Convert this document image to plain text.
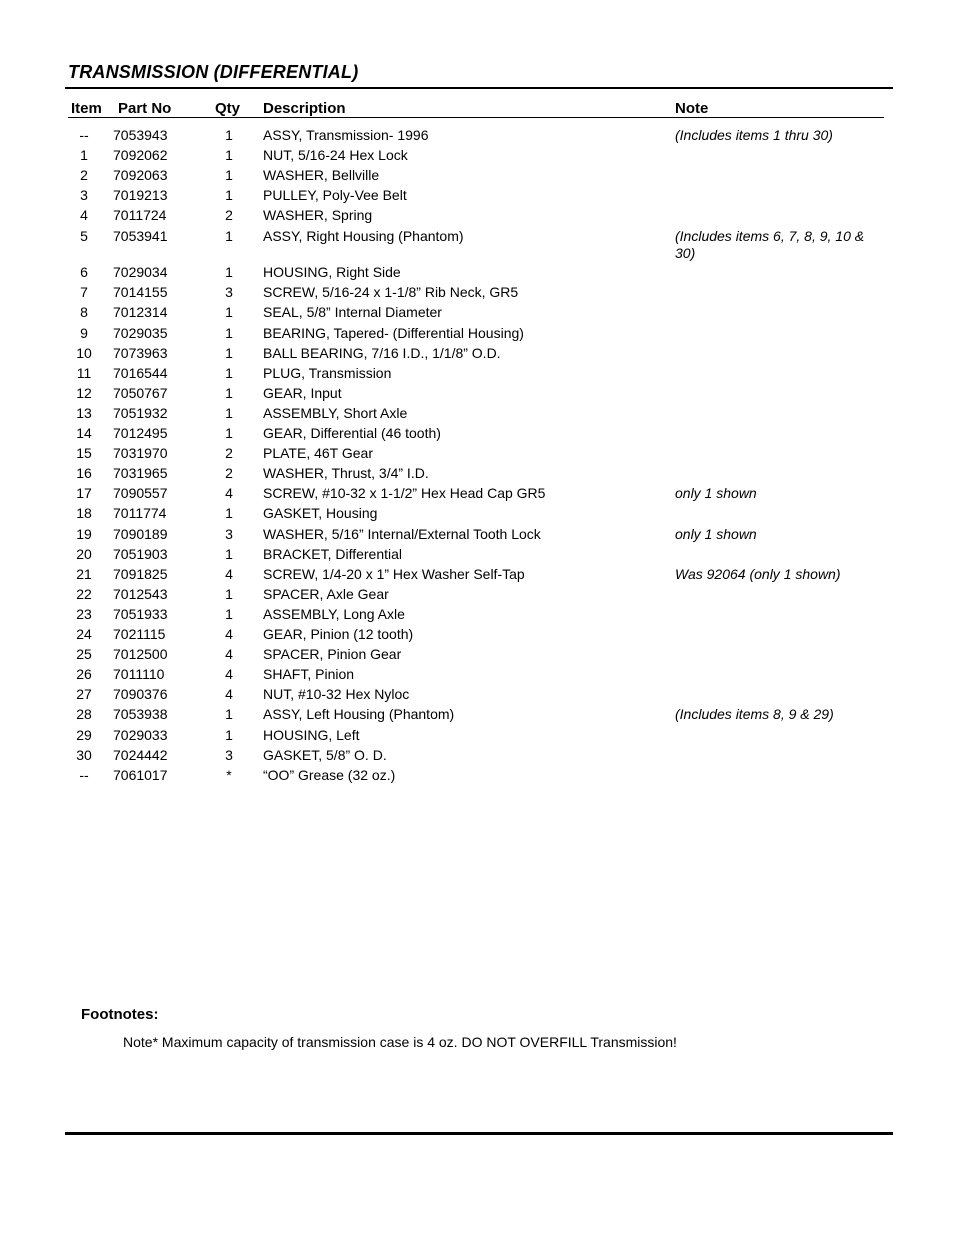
TRANSMISSION (DIFFERENTIAL)
Item Part No	Qty Description	Note
--	7053943	1	ASSY, Transmission- 1996	(Includes items 1 thru 30)
1	7092062	1	NUT, 5/16-24 Hex Lock
2	7092063	1	WASHER, Bellville
3	7019213	1	PULLEY, Poly-Vee Belt
4	7011724	2	WASHER, Spring
5	7053941	1	ASSY, Right Housing (Phantom)	(Includes items 6, 7, 8, 9, 10 & 30)
6	7029034	1	HOUSING, Right Side
7	7014155	3	SCREW, 5/16-24 x 1-1/8” Rib Neck, GR5
8	7012314	1	SEAL, 5/8” Internal Diameter
9	7029035	1	BEARING, Tapered- (Differential Housing)
10	7073963	1	BALL BEARING, 7/16 I.D., 1/1/8” O.D.
11	7016544	1	PLUG, Transmission
12	7050767	1	GEAR, Input
13	7051932	1	ASSEMBLY, Short Axle
14	7012495	1	GEAR, Differential (46 tooth)
15	7031970	2	PLATE, 46T Gear
16	7031965	2	WASHER, Thrust, 3/4” I.D.
17	7090557	4	SCREW, #10-32 x 1-1/2” Hex Head Cap GR5	only 1 shown
18	7011774	1	GASKET, Housing
19	7090189	3	WASHER, 5/16” Internal/External Tooth Lock	only 1 shown
20	7051903	1	BRACKET, Differential
21	7091825	4	SCREW, 1/4-20 x 1” Hex Washer Self-Tap	Was 92064 (only 1 shown)
22	7012543	1	SPACER, Axle Gear
23	7051933	1	ASSEMBLY, Long Axle
24	7021115	4	GEAR, Pinion (12 tooth)
25	7012500	4	SPACER, Pinion Gear
26	7011110	4	SHAFT, Pinion
27	7090376	4	NUT, #10-32 Hex Nyloc
28	7053938	1	ASSY, Left Housing (Phantom)	(Includes items 8, 9 & 29)
29	7029033	1	HOUSING, Left
30	7024442	3	GASKET, 5/8” O. D.
--	7061017	*	“OO” Grease (32 oz.)
Footnotes:
Note* Maximum capacity of transmission case is 4 oz. DO NOT OVERFILL Transmission!
